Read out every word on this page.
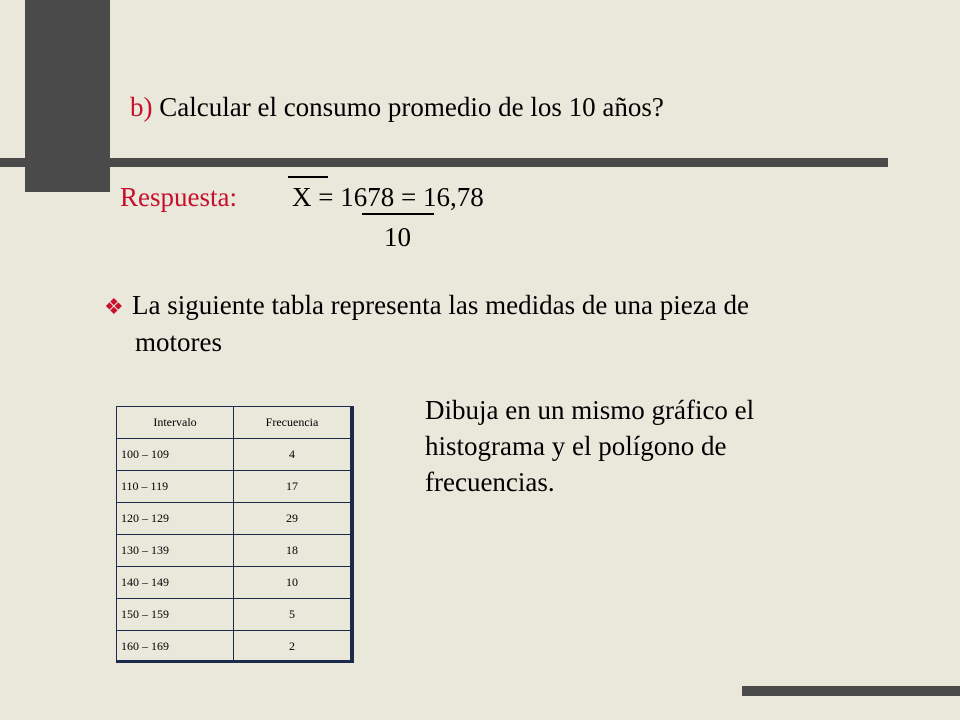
b) Calcular el consumo promedio de los 10 años?
Respuesta: X = 1678 = 16,78
10
❖ La siguiente tabla representa las medidas de una pieza de
motores
Dibuja en un mismo gráfico el histograma y el polígono de frecuencias.
Intervalo	Frecuencia
100 – 109	4
110 – 119	17
120 – 129	29
130 – 139	18
140 – 149	10
150 – 159	5
160 – 169	2
